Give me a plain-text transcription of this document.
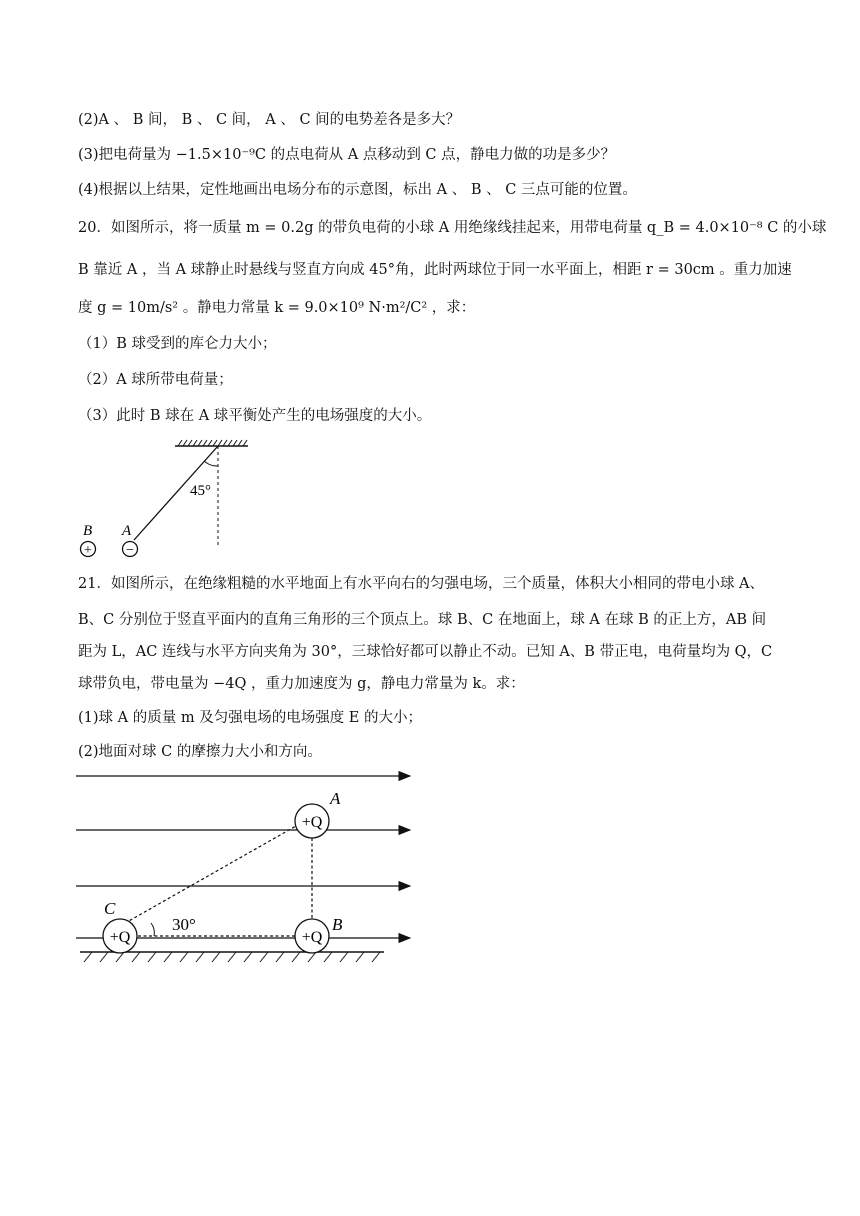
(2)A 、 B 间， B 、 C 间， A 、 C 间的电势差各是多大？
(3)把电荷量为 −1.5×10⁻⁹C 的点电荷从 A 点移动到 C 点，静电力做的功是多少？
(4)根据以上结果，定性地画出电场分布的示意图，标出 A 、 B 、 C 三点可能的位置。
20．如图所示，将一质量 m = 0.2g 的带负电荷的小球 A 用绝缘线挂起来，用带电荷量 q_B = 4.0×10⁻⁸ C 的小球
B 靠近 A ，当 A 球静止时悬线与竖直方向成 45°角，此时两球位于同一水平面上，相距 r = 30cm 。重力加速
度 g = 10m/s² 。静电力常量 k = 9.0×10⁹ N·m²/C² ，求：
（1）B 球受到的库仑力大小；
（2）A 球所带电荷量；
（3）此时 B 球在 A 球平衡处产生的电场强度的大小。
45°
B
+
A
−
21．如图所示，在绝缘粗糙的水平地面上有水平向右的匀强电场，三个质量，体积大小相同的带电小球 A、
B、C 分别位于竖直平面内的直角三角形的三个顶点上。球 B、C 在地面上，球 A 在球 B 的正上方，AB 间
距为 L，AC 连线与水平方向夹角为 30°，三球恰好都可以静止不动。已知 A、B 带正电，电荷量均为 Q，C
球带负电，带电量为 −4Q ，重力加速度为 g，静电力常量为 k。求：
(1)球 A 的质量 m 及匀强电场的电场强度 E 的大小；
(2)地面对球 C 的摩擦力大小和方向。
30°
A
+Q
B
+Q
C
+Q
